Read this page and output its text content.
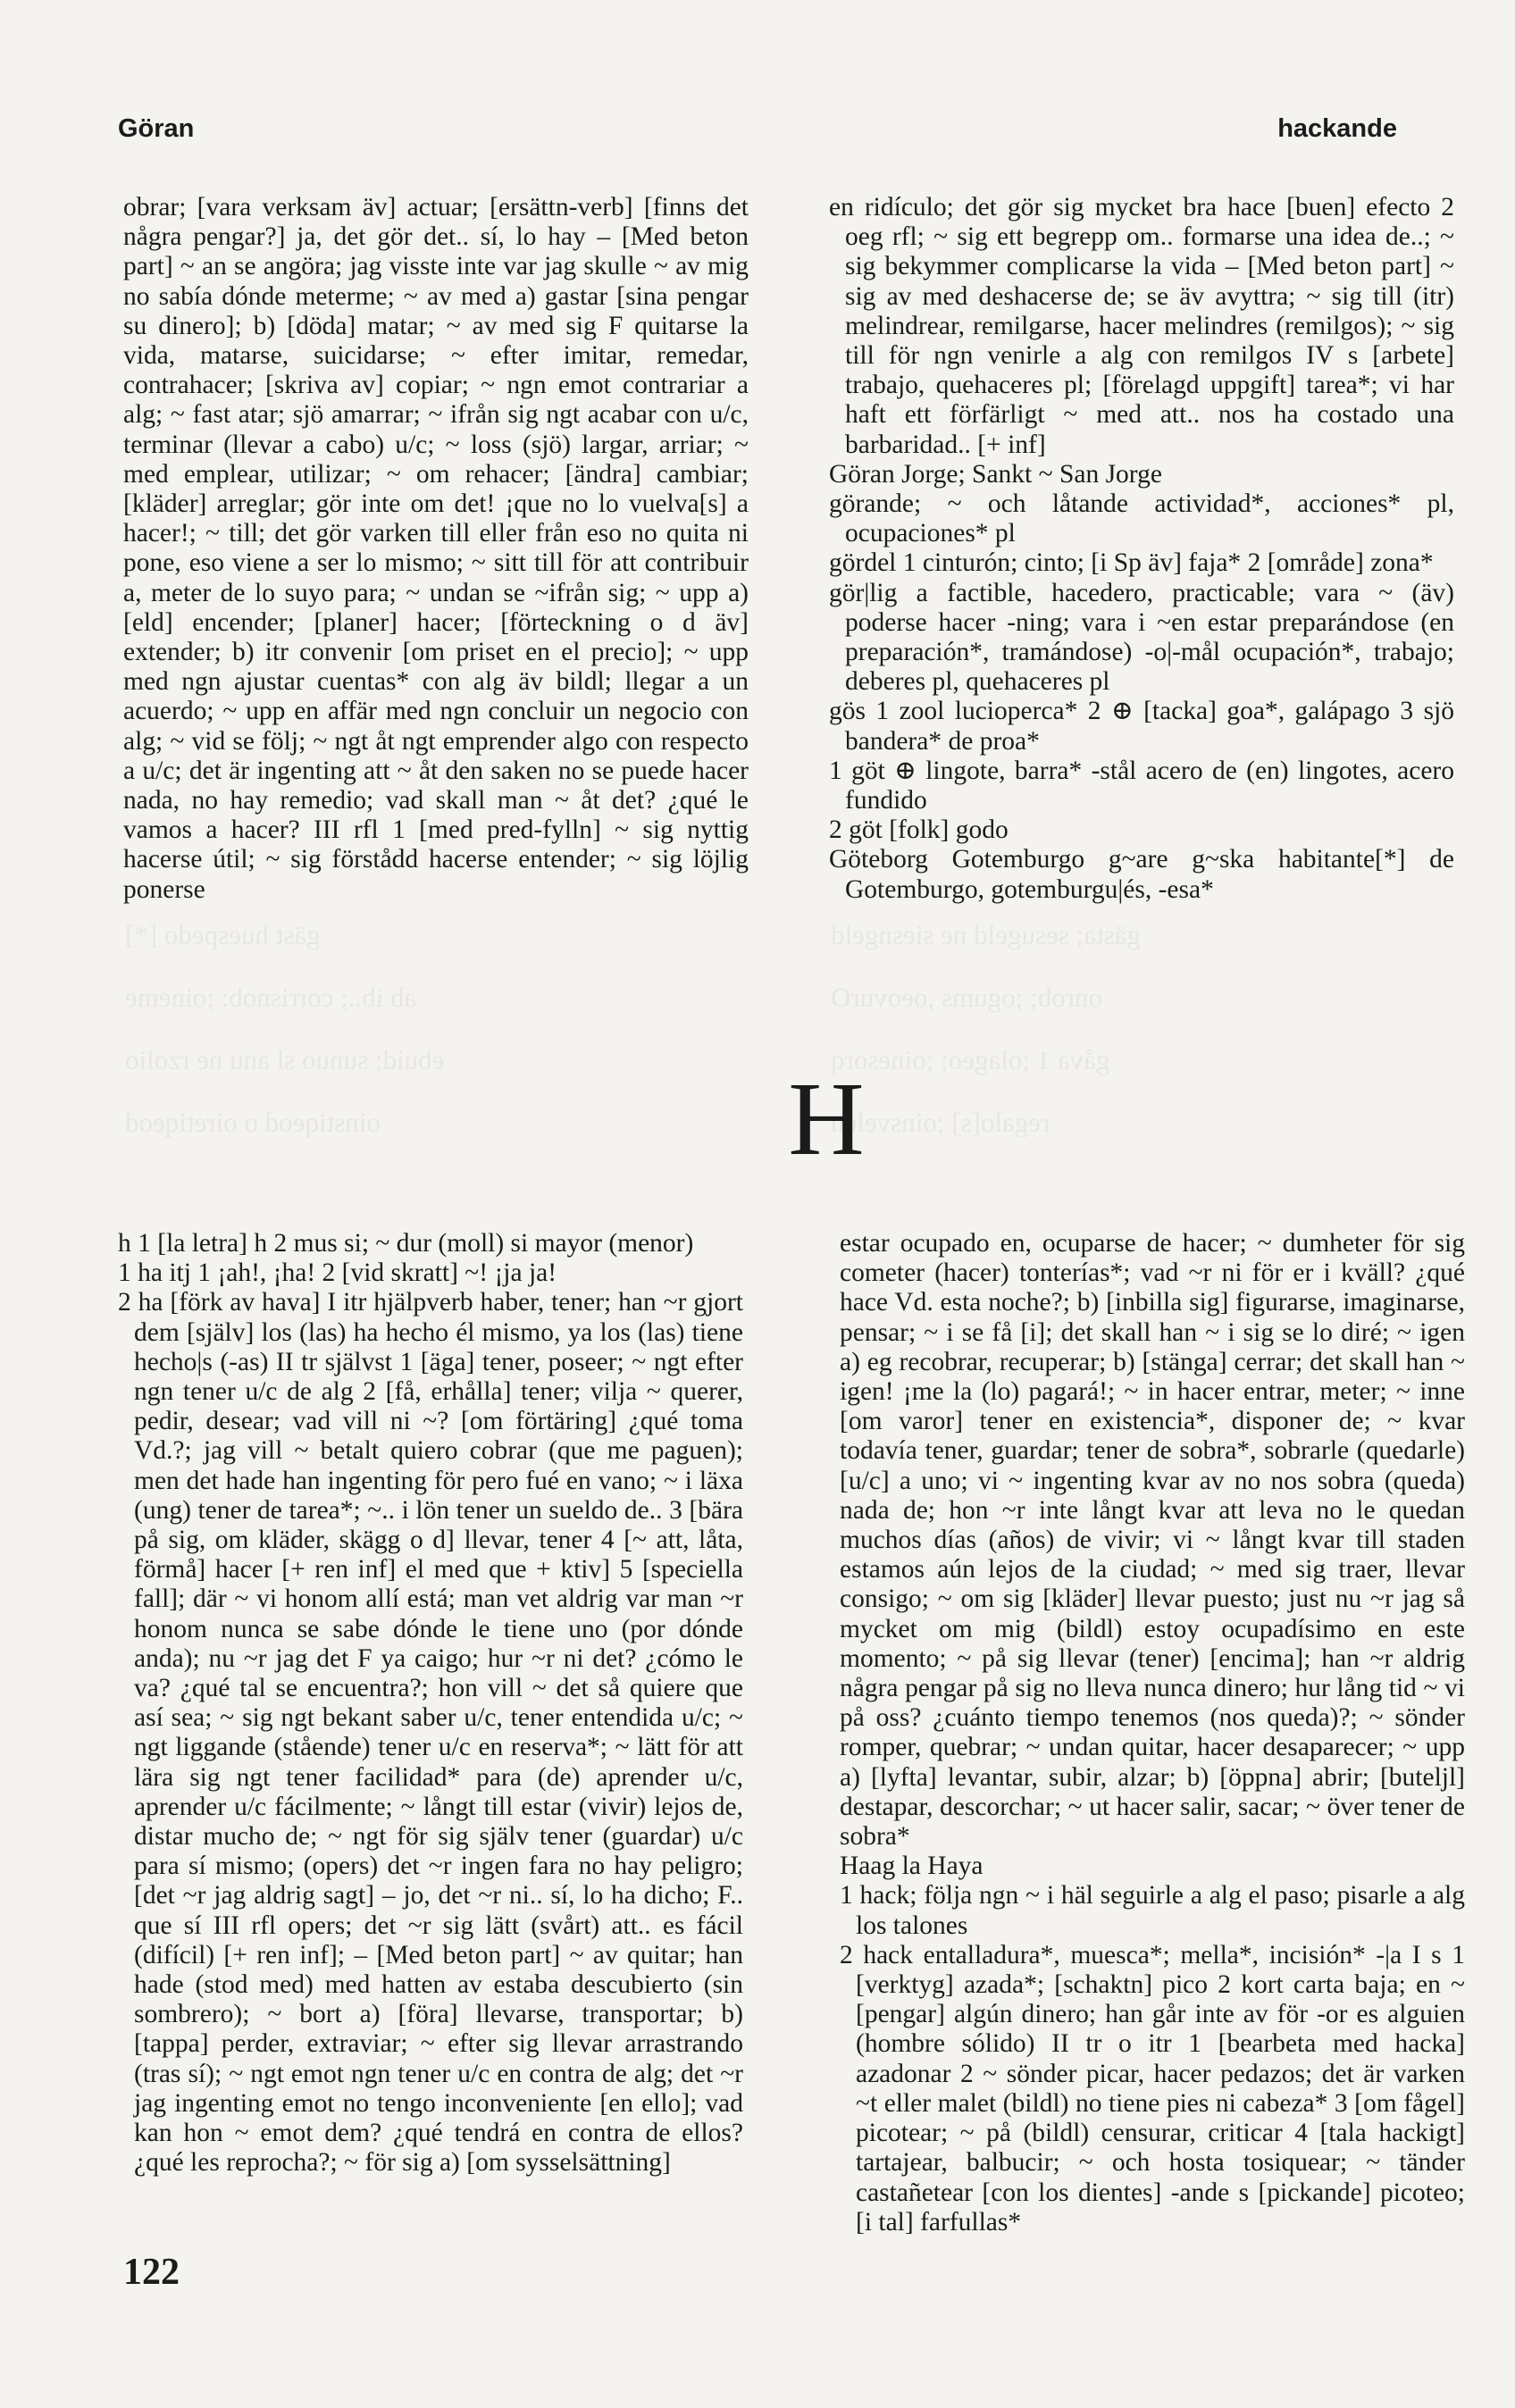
gäst huespedo [*]
ab ib..; corrisnob: ;oineme
ebuid; sunuo sl anu ne rzolio
oinstiqeod o oiretiqeod
gästa; sesugeld ne siesngeld
onrob; ;ogums ,oeovurO
gåva 1 ;olageo; ;oinesorq
regalo[s] ;oinsvelen
Göran	hackande

obrar; [vara verksam äv] actuar; [ersättn-verb] [finns det några pengar?] ja, det gör det.. sí, lo hay – [Med beton part] ~ an se angöra; jag visste inte var jag skulle ~ av mig no sabía dónde meterme; ~ av med a) gastar [sina pengar su dinero]; b) [döda] matar; ~ av med sig F quitarse la vida, matarse, suicidarse; ~ efter imitar, remedar, contrahacer; [skriva av] copiar; ~ ngn emot contrariar a alg; ~ fast atar; sjö amarrar; ~ ifrån sig ngt acabar con u/c, terminar (llevar a cabo) u/c; ~ loss (sjö) largar, arriar; ~ med emplear, utilizar; ~ om rehacer; [ändra] cambiar; [kläder] arreglar; gör inte om det! ¡que no lo vuelva[s] a hacer!; ~ till; det gör varken till eller från eso no quita ni pone, eso viene a ser lo mismo; ~ sitt till för att contribuir a, meter de lo suyo para; ~ undan se ~ifrån sig; ~ upp a) [eld] encender; [planer] hacer; [förteckning o d äv] extender; b) itr convenir [om priset en el precio]; ~ upp med ngn ajustar cuentas* con alg äv bildl; llegar a un acuerdo; ~ upp en affär med ngn concluir un negocio con alg; ~ vid se följ; ~ ngt åt ngt emprender algo con respecto a u/c; det är ingenting att ~ åt den saken no se puede hacer nada, no hay remedio; vad skall man ~ åt det? ¿qué le vamos a hacer? III rfl 1 [med pred-fylln] ~ sig nyttig hacerse útil; ~ sig förstådd hacerse entender; ~ sig löjlig ponerse

en ridículo; det gör sig mycket bra hace [buen] efecto 2 oeg rfl; ~ sig ett begrepp om.. formarse una idea de..; ~ sig bekymmer complicarse la vida – [Med beton part] ~ sig av med deshacerse de; se äv avyttra; ~ sig till (itr) melindrear, remilgarse, hacer melindres (remilgos); ~ sig till för ngn venirle a alg con remilgos IV s [arbete] trabajo, quehaceres pl; [förelagd uppgift] tarea*; vi har haft ett förfärligt ~ med att.. nos ha costado una barbaridad.. [+ inf]

Göran Jorge; Sankt ~ San Jorge

görande; ~ och låtande actividad*, acciones* pl, ocupaciones* pl

gördel 1 cinturón; cinto; [i Sp äv] faja* 2 [område] zona*

gör|lig a factible, hacedero, practicable; vara ~ (äv) poderse hacer -ning; vara i ~en estar preparándose (en preparación*, tramándose) -o|-mål ocupación*, trabajo; deberes pl, quehaceres pl

gös 1 zool lucioperca* 2 ⊕ [tacka] goa*, galápago 3 sjö bandera* de proa*

1 göt ⊕ lingote, barra* -stål acero de (en) lingotes, acero fundido

2 göt [folk] godo

Göteborg Gotemburgo g~are g~ska habitante[*] de Gotemburgo, gotemburgu|és, -esa*

H

h 1 [la letra] h 2 mus si; ~ dur (moll) si mayor (menor)

1 ha itj 1 ¡ah!, ¡ha! 2 [vid skratt] ~! ¡ja ja!

2 ha [förk av hava] I itr hjälpverb haber, tener; han ~r gjort dem [själv] los (las) ha hecho él mismo, ya los (las) tiene hecho|s (-as) II tr självst 1 [äga] tener, poseer; ~ ngt efter ngn tener u/c de alg 2 [få, erhålla] tener; vilja ~ querer, pedir, desear; vad vill ni ~? [om förtäring] ¿qué toma Vd.?; jag vill ~ betalt quiero cobrar (que me paguen); men det hade han ingenting för pero fué en vano; ~ i läxa (ung) tener de tarea*; ~.. i lön tener un sueldo de.. 3 [bära på sig, om kläder, skägg o d] llevar, tener 4 [~ att, låta, förmå] hacer [+ ren inf] el med que + ktiv] 5 [speciella fall]; där ~ vi honom allí está; man vet aldrig var man ~r honom nunca se sabe dónde le tiene uno (por dónde anda); nu ~r jag det F ya caigo; hur ~r ni det? ¿cómo le va? ¿qué tal se encuentra?; hon vill ~ det så quiere que así sea; ~ sig ngt bekant saber u/c, tener entendida u/c; ~ ngt liggande (stående) tener u/c en reserva*; ~ lätt för att lära sig ngt tener facilidad* para (de) aprender u/c, aprender u/c fácilmente; ~ långt till estar (vivir) lejos de, distar mucho de; ~ ngt för sig själv tener (guardar) u/c para sí mismo; (opers) det ~r ingen fara no hay peligro; [det ~r jag aldrig sagt] – jo, det ~r ni.. sí, lo ha dicho; F.. que sí III rfl opers; det ~r sig lätt (svårt) att.. es fácil (difícil) [+ ren inf]; – [Med beton part] ~ av quitar; han hade (stod med) med hatten av estaba descubierto (sin sombrero); ~ bort a) [föra] llevarse, transportar; b) [tappa] perder, extraviar; ~ efter sig llevar arrastrando (tras sí); ~ ngt emot ngn tener u/c en contra de alg; det ~r jag ingenting emot no tengo inconveniente [en ello]; vad kan hon ~ emot dem? ¿qué tendrá en contra de ellos? ¿qué les reprocha?; ~ för sig a) [om sysselsättning]

estar ocupado en, ocuparse de hacer; ~ dumheter för sig cometer (hacer) tonterías*; vad ~r ni för er i kväll? ¿qué hace Vd. esta noche?; b) [inbilla sig] figurarse, imaginarse, pensar; ~ i se få [i]; det skall han ~ i sig se lo diré; ~ igen a) eg recobrar, recuperar; b) [stänga] cerrar; det skall han ~ igen! ¡me la (lo) pagará!; ~ in hacer entrar, meter; ~ inne [om varor] tener en existencia*, disponer de; ~ kvar todavía tener, guardar; tener de sobra*, sobrarle (quedarle) [u/c] a uno; vi ~ ingenting kvar av no nos sobra (queda) nada de; hon ~r inte långt kvar att leva no le quedan muchos días (años) de vivir; vi ~ långt kvar till staden estamos aún lejos de la ciudad; ~ med sig traer, llevar consigo; ~ om sig [kläder] llevar puesto; just nu ~r jag så mycket om mig (bildl) estoy ocupadísimo en este momento; ~ på sig llevar (tener) [encima]; han ~r aldrig några pengar på sig no lleva nunca dinero; hur lång tid ~ vi på oss? ¿cuánto tiempo tenemos (nos queda)?; ~ sönder romper, quebrar; ~ undan quitar, hacer desaparecer; ~ upp a) [lyfta] levantar, subir, alzar; b) [öppna] abrir; [buteljl] destapar, descorchar; ~ ut hacer salir, sacar; ~ över tener de sobra*

Haag la Haya

1 hack; följa ngn ~ i häl seguirle a alg el paso; pisarle a alg los talones

2 hack entalladura*, muesca*; mella*, incisión* -|a I s 1 [verktyg] azada*; [schaktn] pico 2 kort carta baja; en ~ [pengar] algún dinero; han går inte av för -or es alguien (hombre sólido) II tr o itr 1 [bearbeta med hacka] azadonar 2 ~ sönder picar, hacer pedazos; det är varken ~t eller malet (bildl) no tiene pies ni cabeza* 3 [om fågel] picotear; ~ på (bildl) censurar, criticar 4 [tala hackigt] tartajear, balbucir; ~ och hosta tosiquear; ~ tänder castañetear [con los dientes] -ande s [pickande] picoteo; [i tal] farfullas*

122
